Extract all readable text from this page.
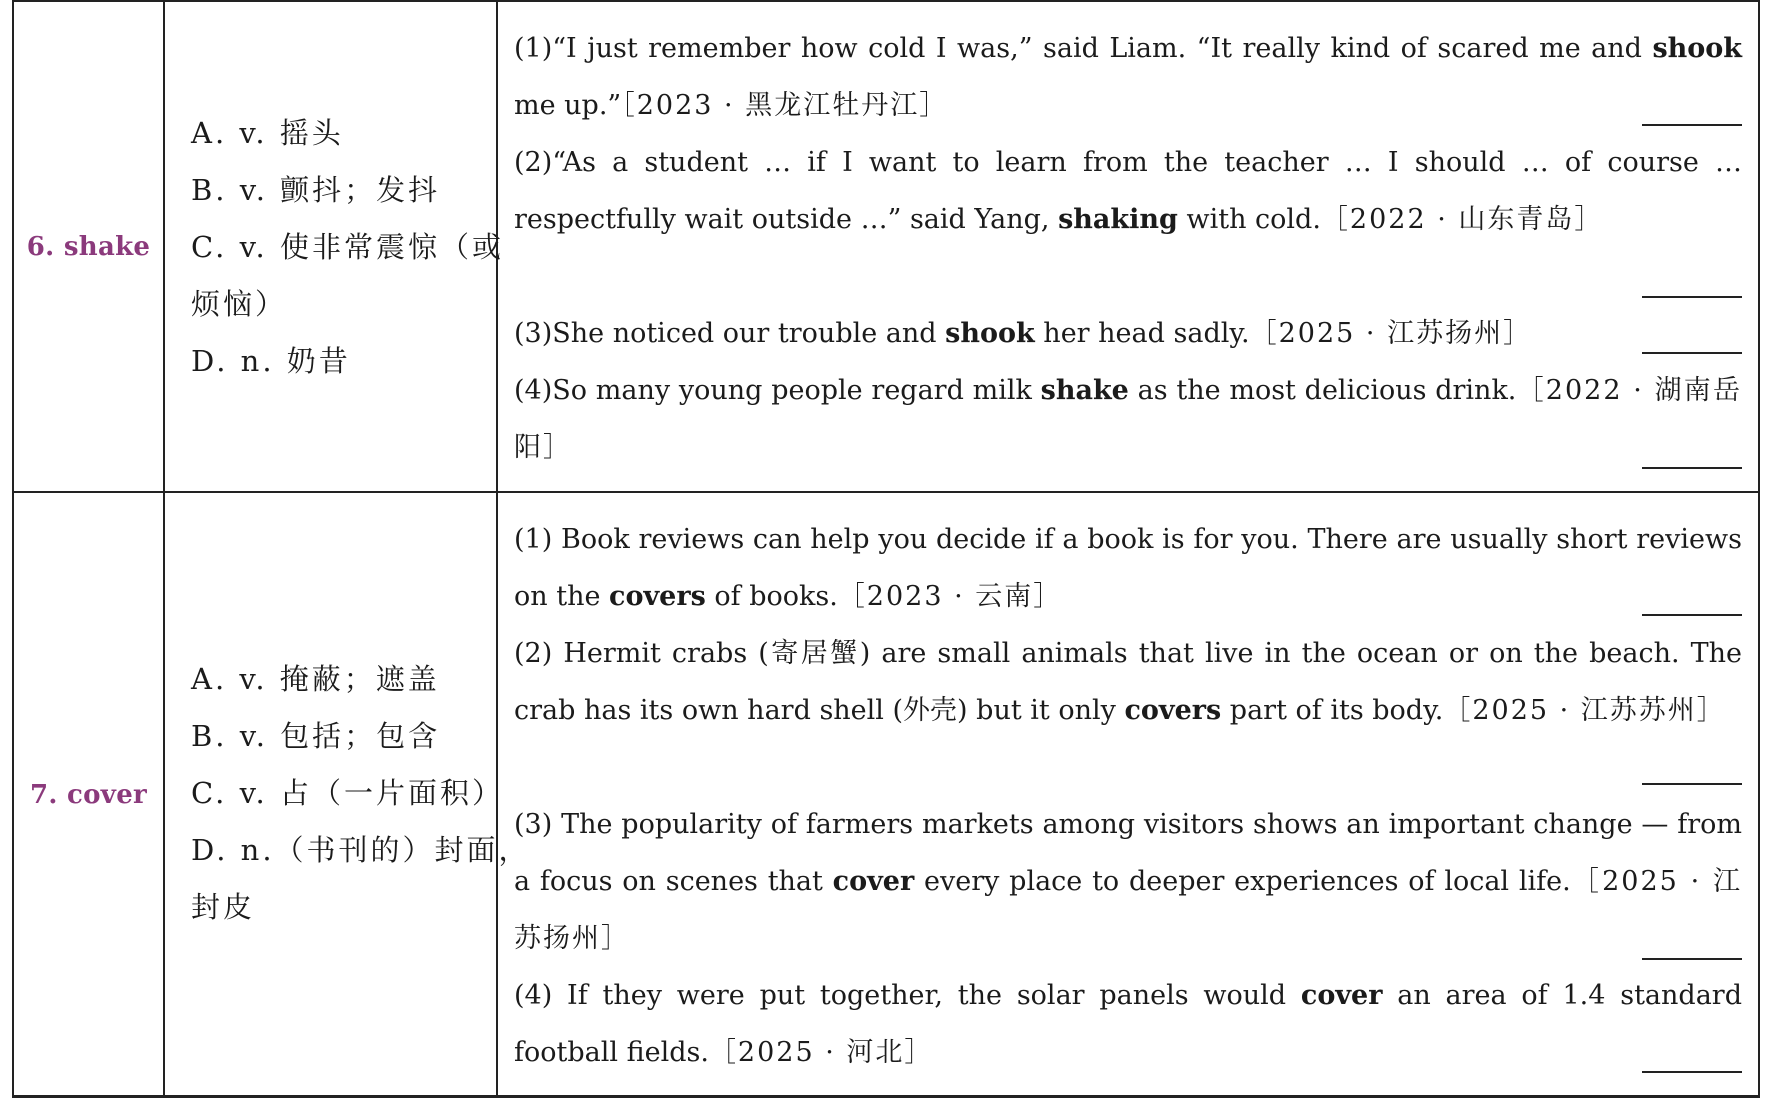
6. shake
A. v. 摇头
B. v. 颤抖；发抖
C. v. 使非常震惊（或
烦恼）
D. n. 奶昔
(1)“I just remember how cold I was,” said Liam. “It really kind of scared me and shook me up.”［2023 · 黑龙江牡丹江］
(2)“As a student … if I want to learn from the teacher … I should … of course … respectfully wait outside …” said Yang, shaking with cold.［2022 · 山东青岛］
(3)She noticed our trouble and shook her head sadly.［2025 · 江苏扬州］
(4)So many young people regard milk shake as the most delicious drink.［2022 · 湖南岳阳］
7. cover
A. v. 掩蔽；遮盖
B. v. 包括；包含
C. v. 占（一片面积）
D. n.（书刊的）封面，
封皮
(1) Book reviews can help you decide if a book is for you. There are usually short reviews on the covers of books.［2023 · 云南］
(2) Hermit crabs (寄居蟹) are small animals that live in the ocean or on the beach. The crab has its own hard shell (外壳) but it only covers part of its body.［2025 · 江苏苏州］
(3) The popularity of farmers markets among visitors shows an important change — from a focus on scenes that cover every place to deeper experiences of local life.［2025 · 江苏扬州］
(4) If they were put together, the solar panels would cover an area of 1.4 standard football fields.［2025 · 河北］
